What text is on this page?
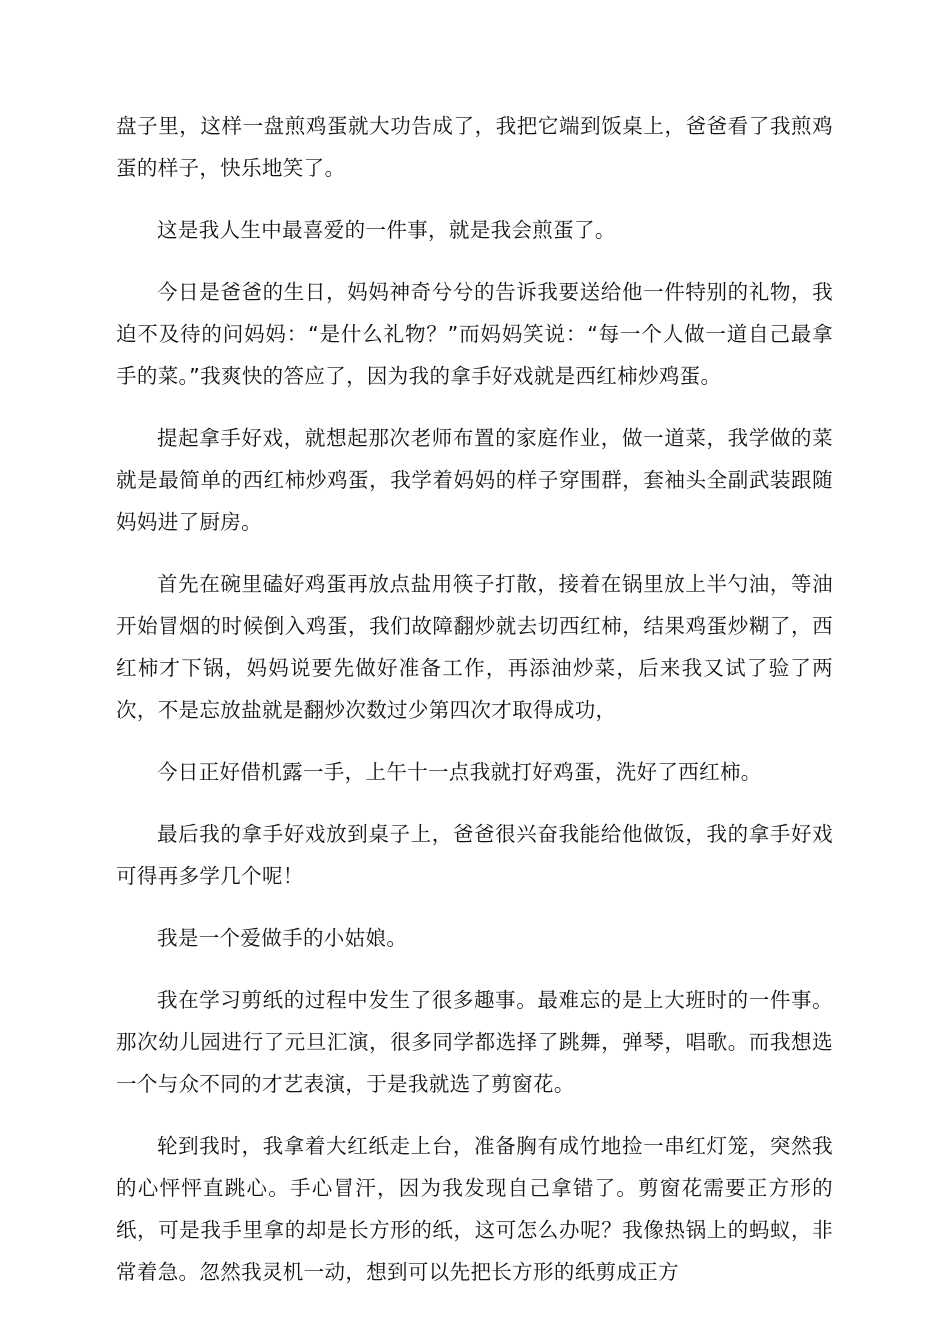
盘子里，这样一盘煎鸡蛋就大功告成了，我把它端到饭桌上，爸爸看了我煎鸡蛋的样子，快乐地笑了。

这是我人生中最喜爱的一件事，就是我会煎蛋了。

今日是爸爸的生日，妈妈神奇兮兮的告诉我要送给他一件特别的礼物，我迫不及待的问妈妈：“是什么礼物？”而妈妈笑说：“每一个人做一道自己最拿手的菜。”我爽快的答应了，因为我的拿手好戏就是西红柿炒鸡蛋。

提起拿手好戏，就想起那次老师布置的家庭作业，做一道菜，我学做的菜就是最简单的西红柿炒鸡蛋，我学着妈妈的样子穿围群，套袖头全副武装跟随妈妈进了厨房。

首先在碗里磕好鸡蛋再放点盐用筷子打散，接着在锅里放上半勺油，等油开始冒烟的时候倒入鸡蛋，我们故障翻炒就去切西红柿，结果鸡蛋炒糊了，西红柿才下锅，妈妈说要先做好准备工作，再添油炒菜，后来我又试了验了两次，不是忘放盐就是翻炒次数过少第四次才取得成功，

今日正好借机露一手，上午十一点我就打好鸡蛋，洗好了西红柿。

最后我的拿手好戏放到桌子上，爸爸很兴奋我能给他做饭，我的拿手好戏可得再多学几个呢！

我是一个爱做手的小姑娘。

我在学习剪纸的过程中发生了很多趣事。最难忘的是上大班时的一件事。那次幼儿园进行了元旦汇演，很多同学都选择了跳舞，弹琴，唱歌。而我想选一个与众不同的才艺表演，于是我就选了剪窗花。

轮到我时，我拿着大红纸走上台，准备胸有成竹地捡一串红灯笼，突然我的心怦怦直跳心。手心冒汗，因为我发现自己拿错了。剪窗花需要正方形的纸，可是我手里拿的却是长方形的纸，这可怎么办呢？我像热锅上的蚂蚁，非常着急。忽然我灵机一动，想到可以先把长方形的纸剪成正方
